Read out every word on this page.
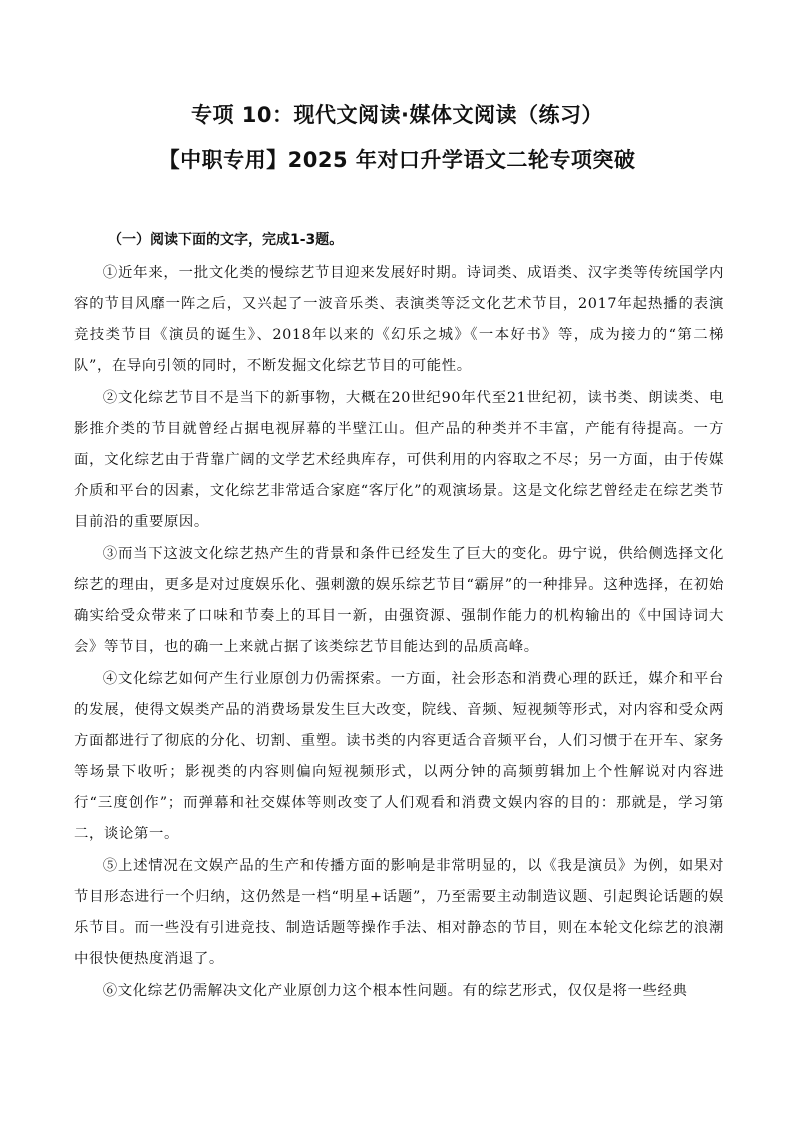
专项 10：现代文阅读·媒体文阅读（练习）
【中职专用】2025 年对口升学语文二轮专项突破
（一）阅读下面的文字，完成1-3题。

①近年来，一批文化类的慢综艺节目迎来发展好时期。诗词类、成语类、汉字类等传统国学内容的节目风靡一阵之后，又兴起了一波音乐类、表演类等泛文化艺术节目，2017年起热播的表演竞技类节目《演员的诞生》、2018年以来的《幻乐之城》《一本好书》等，成为接力的“第二梯队”，在导向引领的同时，不断发掘文化综艺节目的可能性。

②文化综艺节目不是当下的新事物，大概在20世纪90年代至21世纪初，读书类、朗读类、电影推介类的节目就曾经占据电视屏幕的半壁江山。但产品的种类并不丰富，产能有待提高。一方面，文化综艺由于背靠广阔的文学艺术经典库存，可供利用的内容取之不尽；另一方面，由于传媒介质和平台的因素，文化综艺非常适合家庭“客厅化”的观演场景。这是文化综艺曾经走在综艺类节目前沿的重要原因。

③而当下这波文化综艺热产生的背景和条件已经发生了巨大的变化。毋宁说，供给侧选择文化综艺的理由，更多是对过度娱乐化、强刺激的娱乐综艺节目“霸屏”的一种排异。这种选择，在初始确实给受众带来了口味和节奏上的耳目一新，由强资源、强制作能力的机构输出的《中国诗词大会》等节目，也的确一上来就占据了该类综艺节目能达到的品质高峰。

④文化综艺如何产生行业原创力仍需探索。一方面，社会形态和消费心理的跃迁，媒介和平台的发展，使得文娱类产品的消费场景发生巨大改变，院线、音频、短视频等形式，对内容和受众两方面都进行了彻底的分化、切割、重塑。读书类的内容更适合音频平台，人们习惯于在开车、家务等场景下收听；影视类的内容则偏向短视频形式，以两分钟的高频剪辑加上个性解说对内容进行“三度创作”；而弹幕和社交媒体等则改变了人们观看和消费文娱内容的目的：那就是，学习第二，谈论第一。

⑤上述情况在文娱产品的生产和传播方面的影响是非常明显的，以《我是演员》为例，如果对节目形态进行一个归纳，这仍然是一档“明星+话题”，乃至需要主动制造议题、引起舆论话题的娱乐节目。而一些没有引进竞技、制造话题等操作手法、相对静态的节目，则在本轮文化综艺的浪潮中很快便热度消退了。

⑥文化综艺仍需解决文化产业原创力这个根本性问题。有的综艺形式，仅仅是将一些经典
